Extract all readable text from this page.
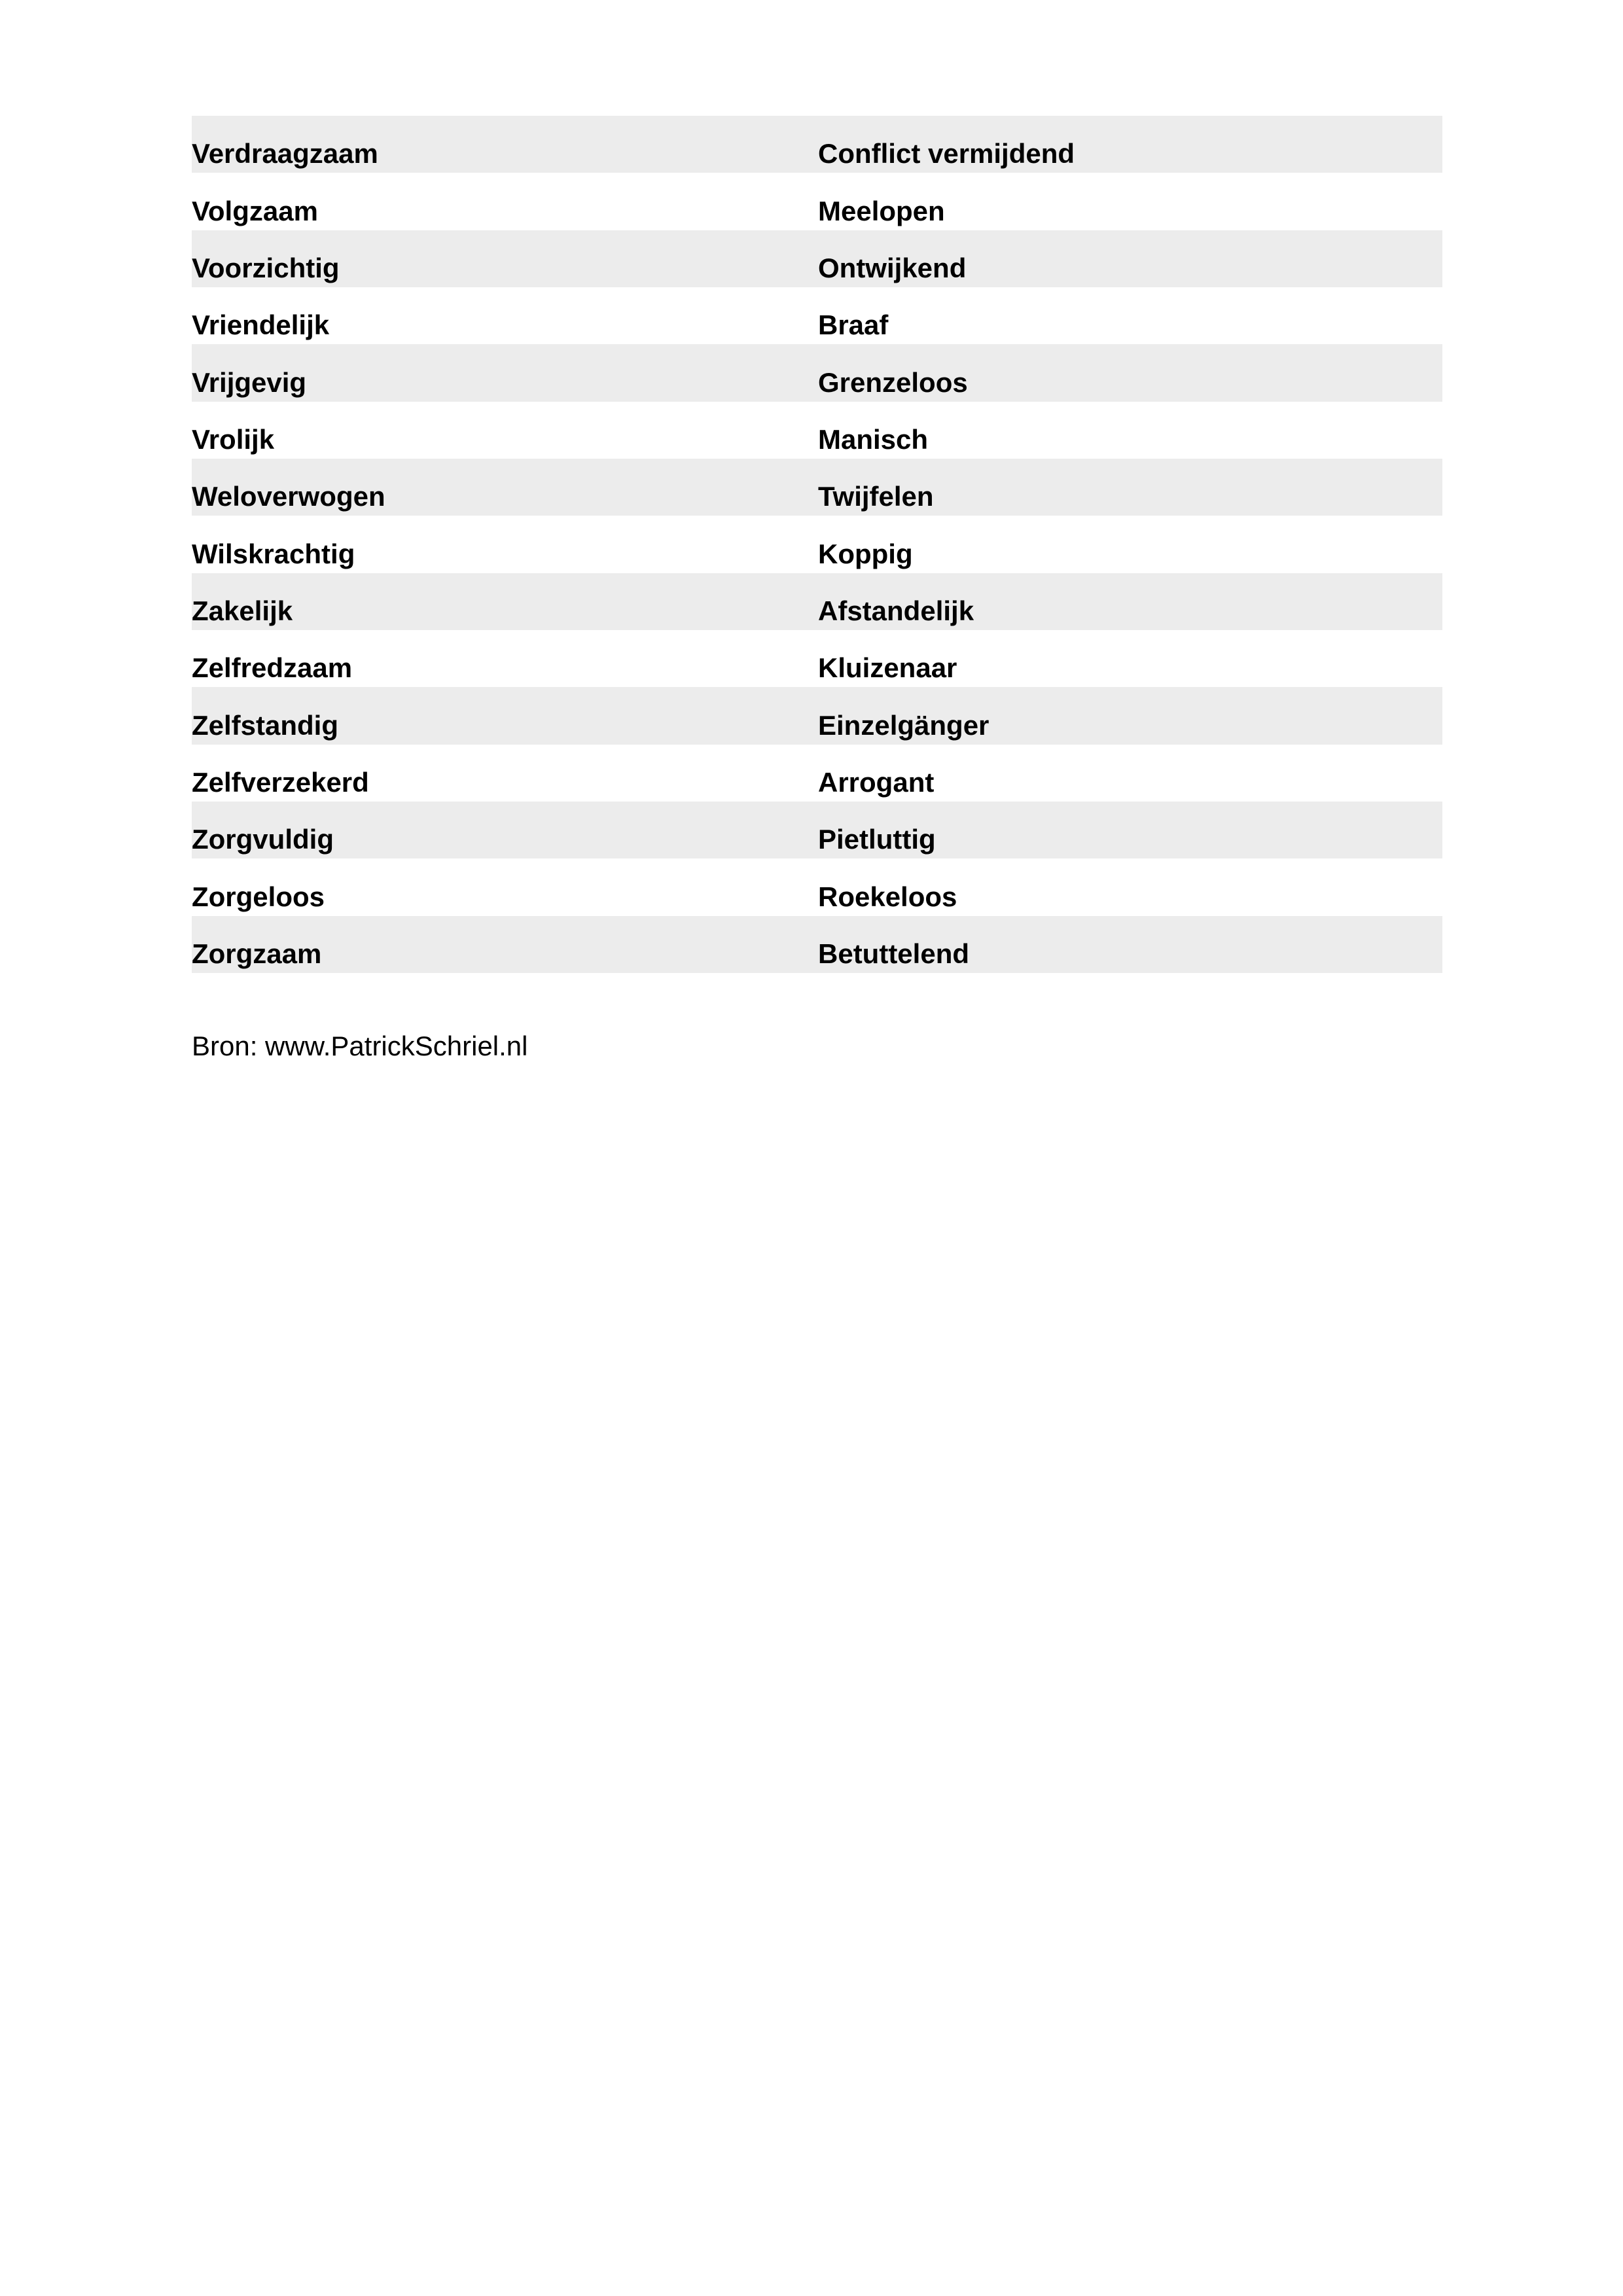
Verdraagzaam	Conflict vermijdend
Volgzaam	Meelopen
Voorzichtig	Ontwijkend
Vriendelijk	Braaf
Vrijgevig	Grenzeloos
Vrolijk	Manisch
Weloverwogen	Twijfelen
Wilskrachtig	Koppig
Zakelijk	Afstandelijk
Zelfredzaam	Kluizenaar
Zelfstandig	Einzelgänger
Zelfverzekerd	Arrogant
Zorgvuldig	Pietluttig
Zorgeloos	Roekeloos
Zorgzaam	Betuttelend
Bron: www.PatrickSchriel.nl
